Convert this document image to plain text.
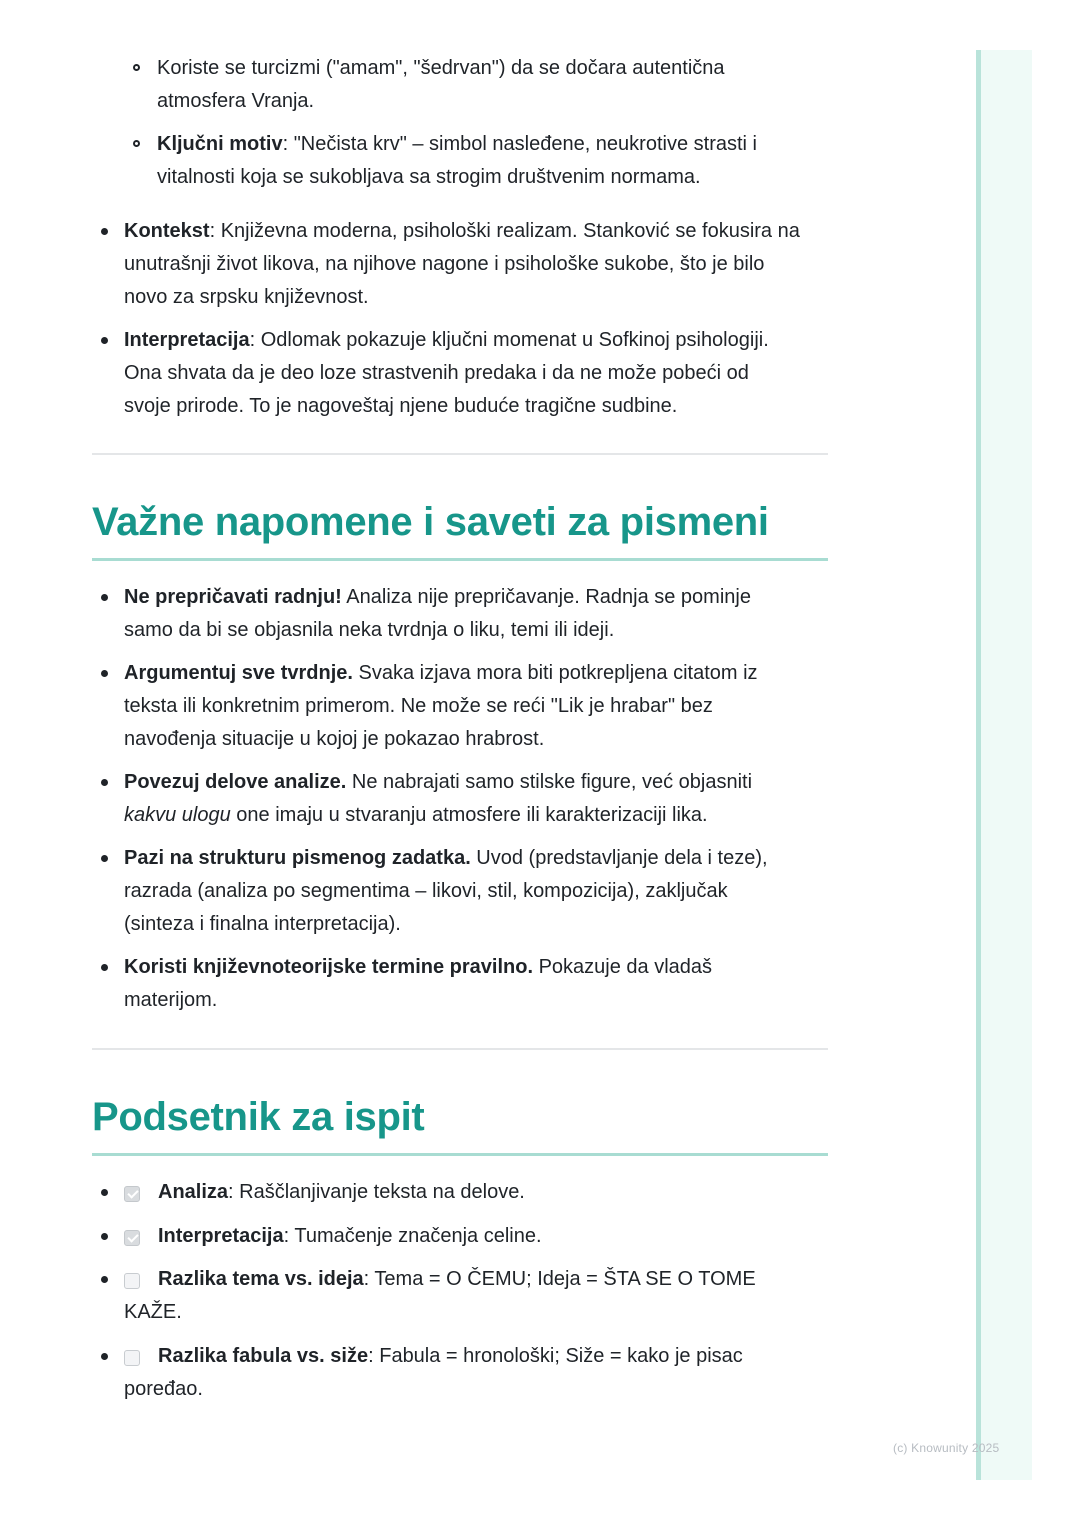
Koriste se turcizmi ("amam", "šedrvan") da se dočara autentična
atmosfera Vranja.
Ključni motiv: "Nečista krv" – simbol nasleđene, neukrotive strasti i
vitalnosti koja se sukobljava sa strogim društvenim normama.
Kontekst: Književna moderna, psihološki realizam. Stanković se fokusira na
unutrašnji život likova, na njihove nagone i psihološke sukobe, što je bilo
novo za srpsku književnost.
Interpretacija: Odlomak pokazuje ključni momenat u Sofkinoj psihologiji.
Ona shvata da je deo loze strastvenih predaka i da ne može pobeći od
svoje prirode. To je nagoveštaj njene buduće tragične sudbine.
Važne napomene i saveti za pismeni
Ne prepričavati radnju! Analiza nije prepričavanje. Radnja se pominje
samo da bi se objasnila neka tvrdnja o liku, temi ili ideji.
Argumentuj sve tvrdnje. Svaka izjava mora biti potkrepljena citatom iz
teksta ili konkretnim primerom. Ne može se reći "Lik je hrabar" bez
navođenja situacije u kojoj je pokazao hrabrost.
Povezuj delove analize. Ne nabrajati samo stilske figure, već objasniti
kakvu ulogu one imaju u stvaranju atmosfere ili karakterizaciji lika.
Pazi na strukturu pismenog zadatka. Uvod (predstavljanje dela i teze),
razrada (analiza po segmentima – likovi, stil, kompozicija), zaključak
(sinteza i finalna interpretacija).
Koristi književnoteorijske termine pravilno. Pokazuje da vladaš
materijom.
Podsetnik za ispit
Analiza: Raščlanjivanje teksta na delove.
Interpretacija: Tumačenje značenja celine.
Razlika tema vs. ideja: Tema = O ČEMU; Ideja = ŠTA SE O TOME
KAŽE.
Razlika fabula vs. siže: Fabula = hronološki; Siže = kako je pisac
poređao.
(c) Knowunity 2025
